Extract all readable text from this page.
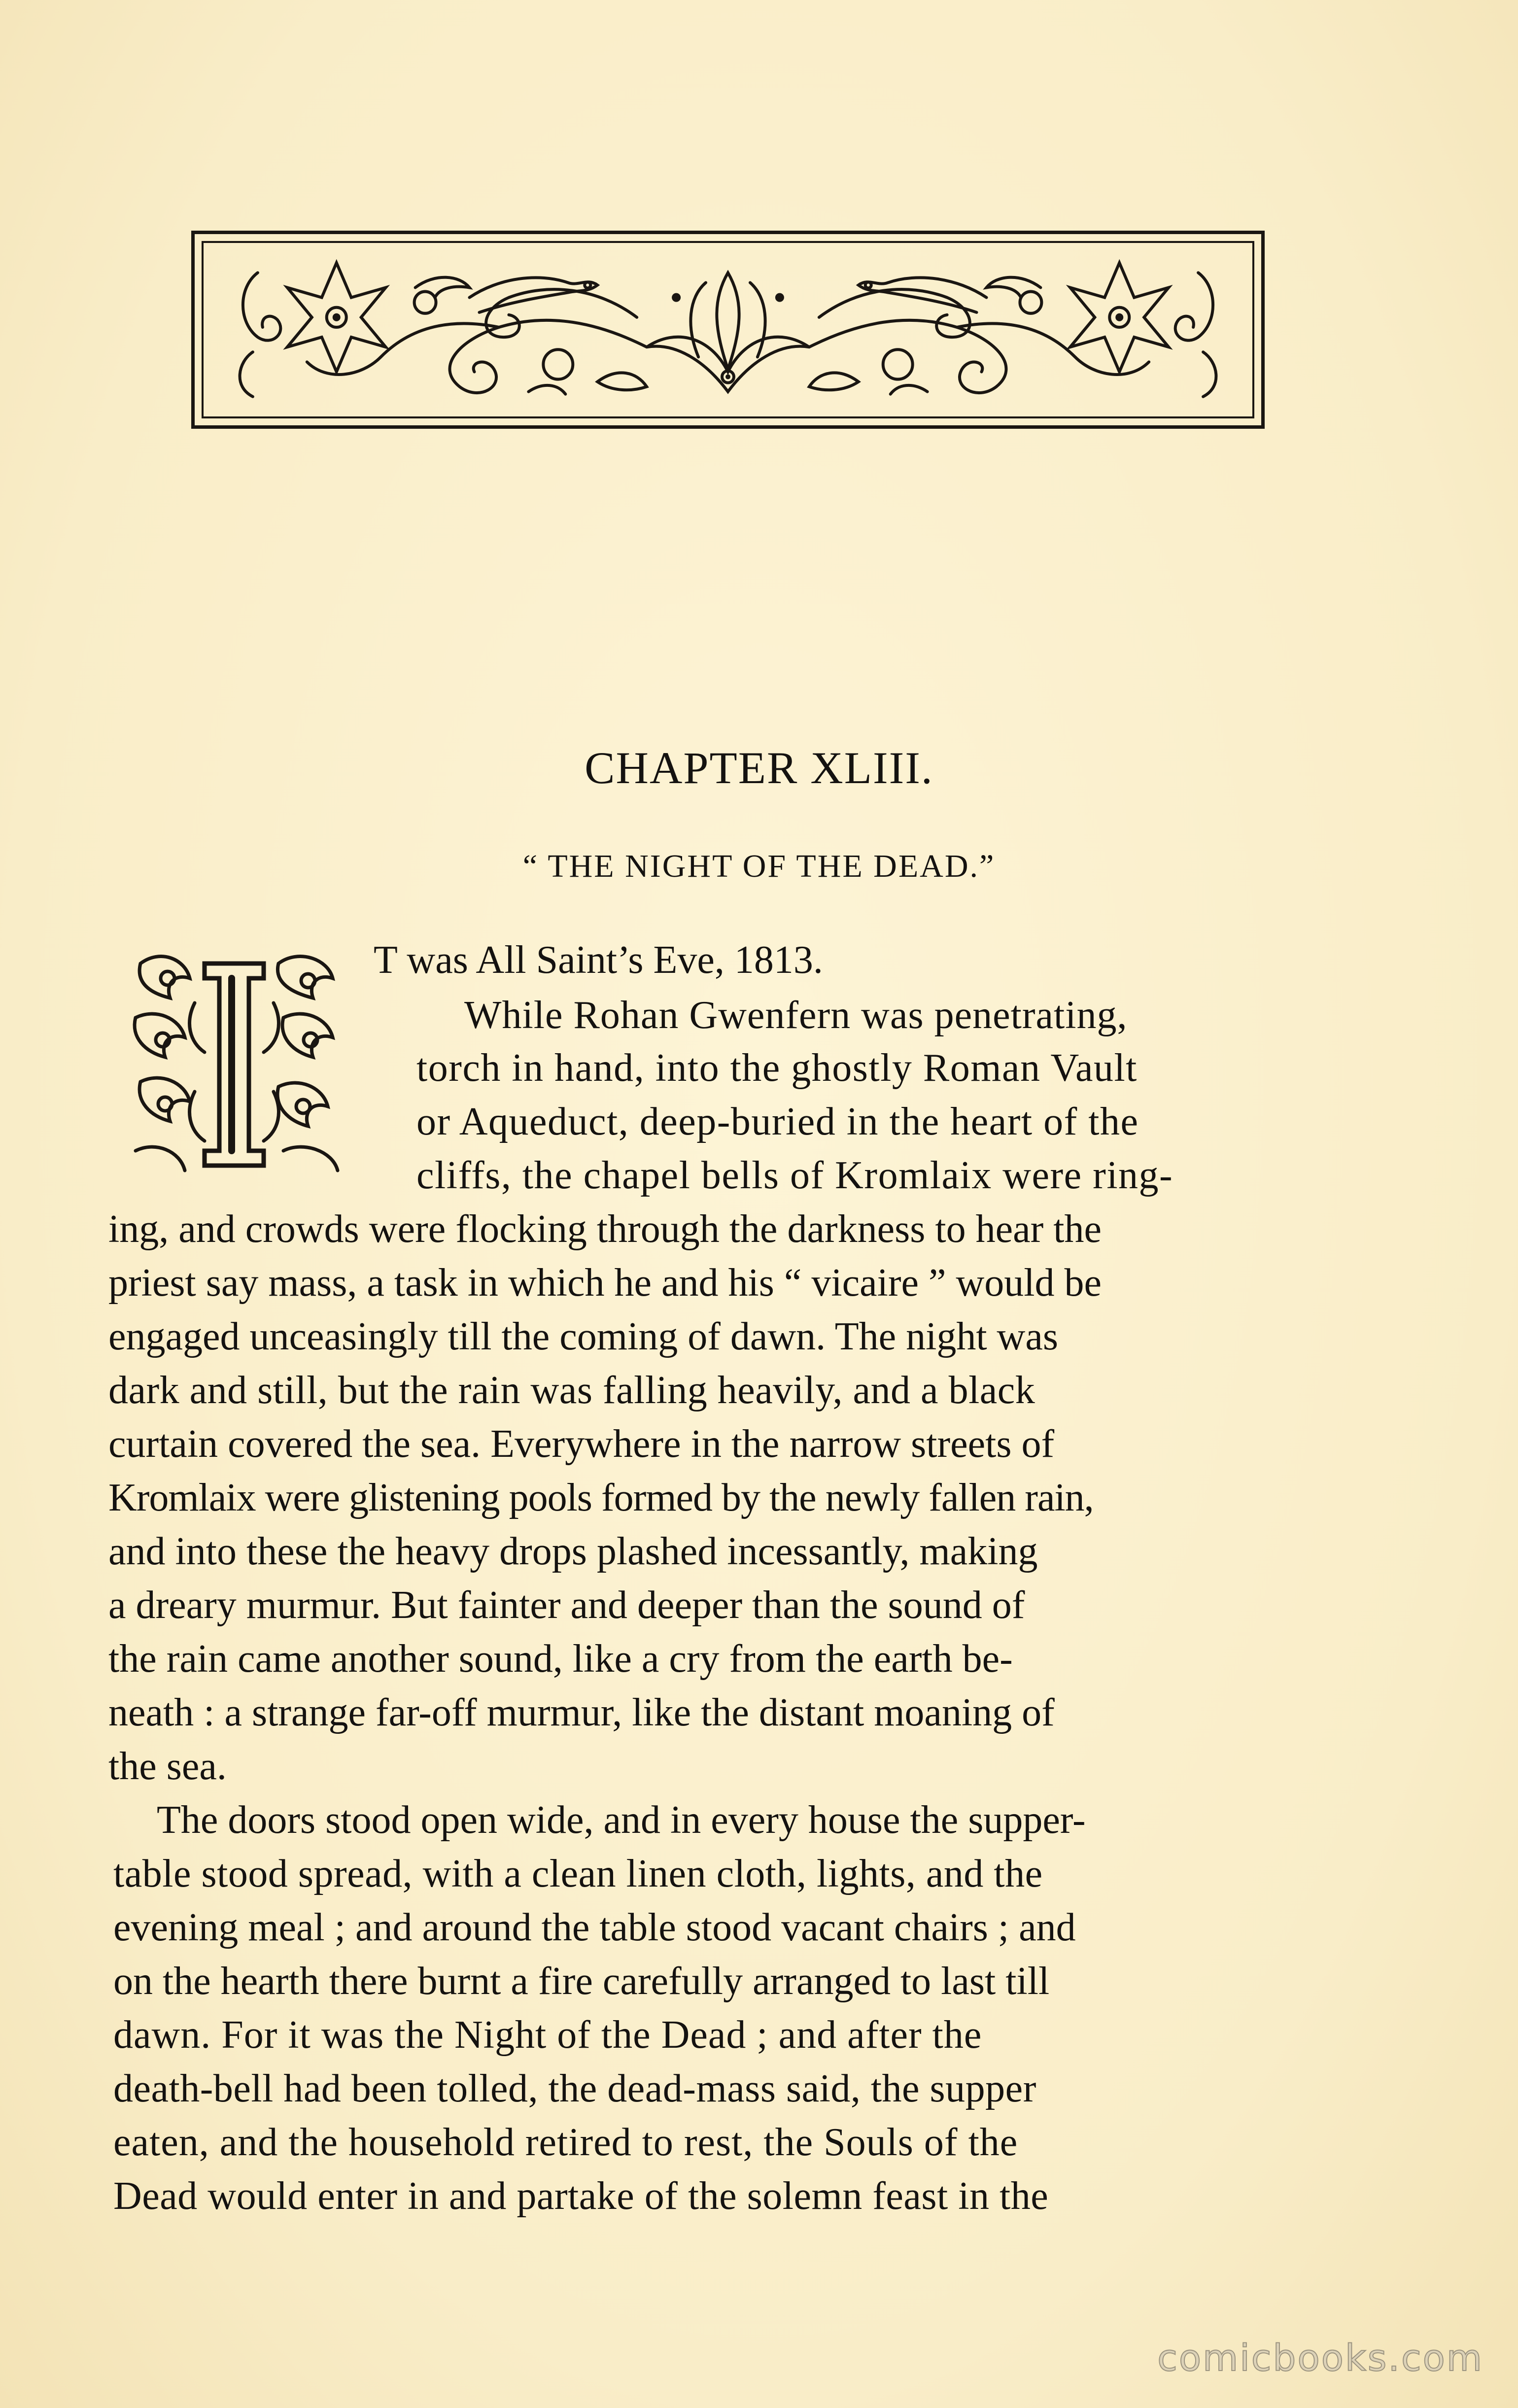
CHAPTER XLIII.
“ THE NIGHT OF THE DEAD.”
T was All Saint’s Eve, 1813.
While Rohan Gwenfern was penetrating,
torch in hand, into the ghostly Roman Vault
or Aqueduct, deep-buried in the heart of the
cliffs, the chapel bells of Kromlaix were ring-
ing, and crowds were flocking through the darkness to hear the
priest say mass, a task in which he and his “ vicaire ” would be
engaged unceasingly till the coming of dawn. The night was
dark and still, but the rain was falling heavily, and a black
curtain covered the sea. Everywhere in the narrow streets of
Kromlaix were glistening pools formed by the newly fallen rain,
and into these the heavy drops plashed incessantly, making
a dreary murmur. But fainter and deeper than the sound of
the rain came another sound, like a cry from the earth be-
neath : a strange far-off murmur, like the distant moaning of
the sea.
The doors stood open wide, and in every house the supper-
table stood spread, with a clean linen cloth, lights, and the
evening meal ; and around the table stood vacant chairs ; and
on the hearth there burnt a fire carefully arranged to last till
dawn. For it was the Night of the Dead ; and after the
death-bell had been tolled, the dead-mass said, the supper
eaten, and the household retired to rest, the Souls of the
Dead would enter in and partake of the solemn feast in the
comicbooks.com
